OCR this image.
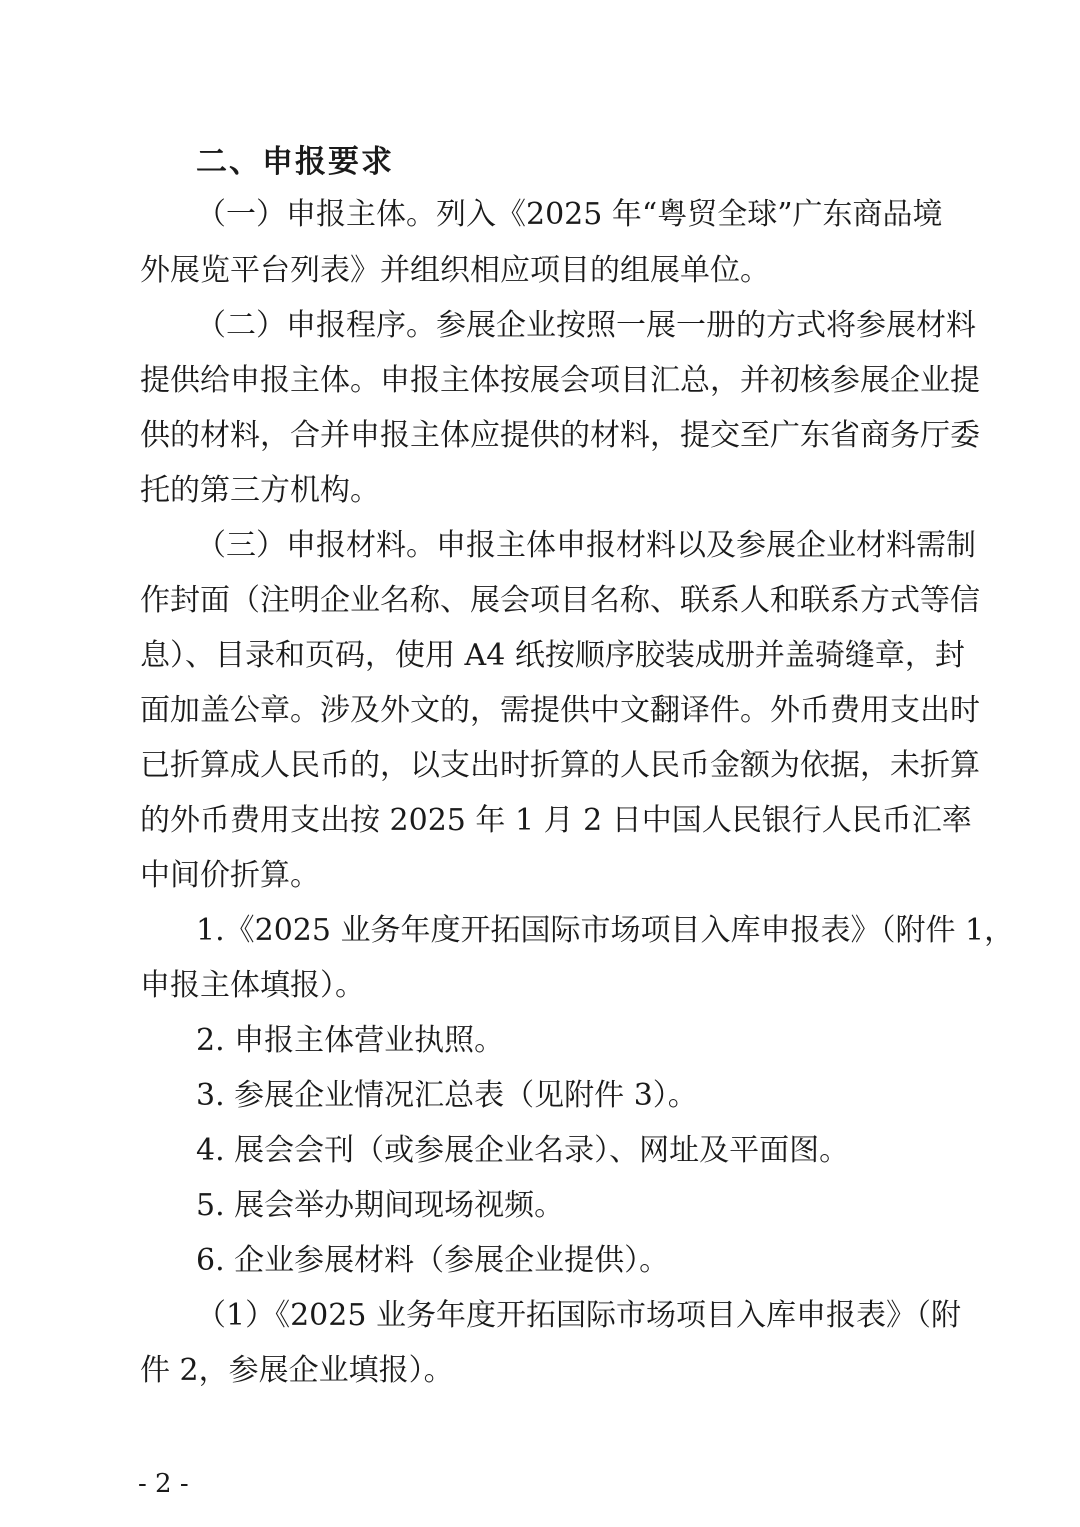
二、申报要求

（一）申报主体。列入《2025 年“粤贸全球”广东商品境

外展览平台列表》并组织相应项目的组展单位。

（二）申报程序。参展企业按照一展一册的方式将参展材料

提供给申报主体。申报主体按展会项目汇总，并初核参展企业提

供的材料，合并申报主体应提供的材料，提交至广东省商务厅委

托的第三方机构。

（三）申报材料。申报主体申报材料以及参展企业材料需制

作封面（注明企业名称、展会项目名称、联系人和联系方式等信

息）、目录和页码，使用 A4 纸按顺序胶装成册并盖骑缝章，封

面加盖公章。涉及外文的，需提供中文翻译件。外币费用支出时

已折算成人民币的，以支出时折算的人民币金额为依据，未折算

的外币费用支出按 2025 年 1 月 2 日中国人民银行人民币汇率

中间价折算。

1.《2025 业务年度开拓国际市场项目入库申报表》（附件 1，

申报主体填报）。

2. 申报主体营业执照。

3. 参展企业情况汇总表（见附件 3）。

4. 展会会刊（或参展企业名录）、网址及平面图。

5. 展会举办期间现场视频。

6. 企业参展材料（参展企业提供）。

（1）《2025 业务年度开拓国际市场项目入库申报表》（附

件 2，参展企业填报）。

- 2 -
